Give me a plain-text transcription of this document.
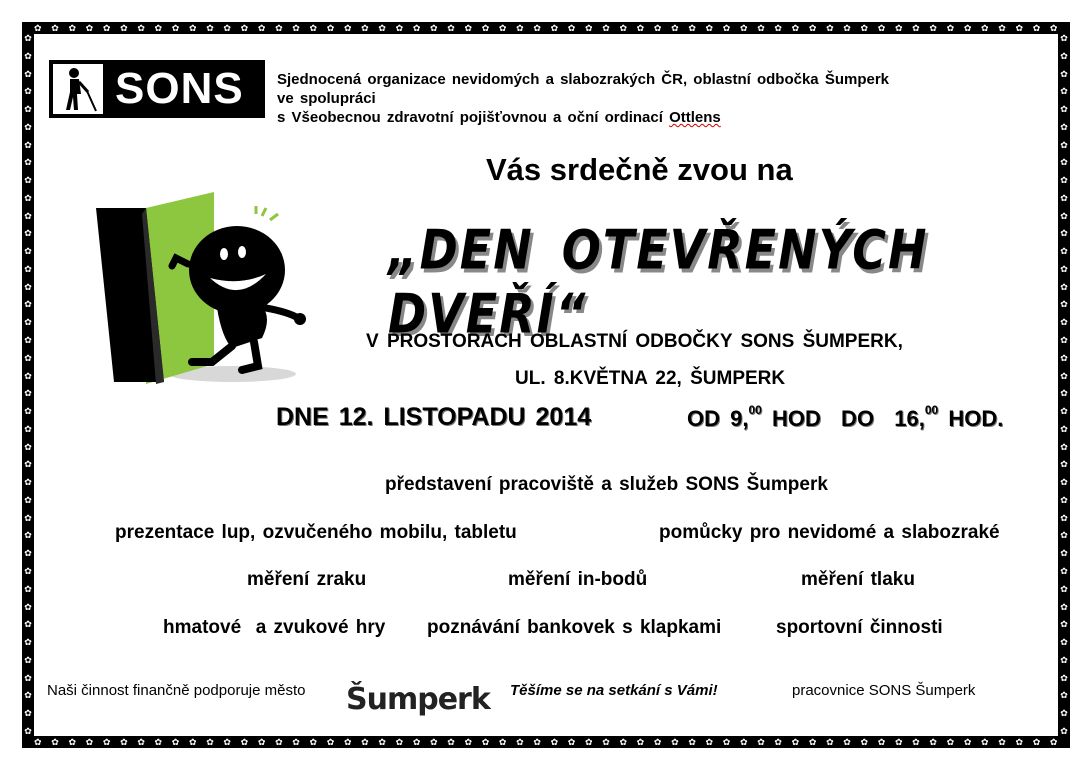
✿ ✿ ✿ ✿ ✿ ✿ ✿ ✿ ✿ ✿ ✿ ✿ ✿ ✿ ✿ ✿ ✿ ✿ ✿ ✿ ✿ ✿ ✿ ✿ ✿ ✿ ✿ ✿ ✿ ✿ ✿ ✿ ✿ ✿ ✿ ✿ ✿ ✿ ✿ ✿ ✿ ✿ ✿ ✿ ✿ ✿ ✿ ✿ ✿ ✿ ✿ ✿ ✿ ✿ ✿ ✿ ✿ ✿ ✿ ✿
✿ ✿ ✿ ✿ ✿ ✿ ✿ ✿ ✿ ✿ ✿ ✿ ✿ ✿ ✿ ✿ ✿ ✿ ✿ ✿ ✿ ✿ ✿ ✿ ✿ ✿ ✿ ✿ ✿ ✿ ✿ ✿ ✿ ✿ ✿ ✿ ✿ ✿ ✿ ✿ ✿ ✿ ✿ ✿ ✿ ✿ ✿ ✿ ✿ ✿ ✿ ✿ ✿ ✿ ✿ ✿ ✿ ✿ ✿ ✿
✿
✿
✿
✿
✿
✿
✿
✿
✿
✿
✿
✿
✿
✿
✿
✿
✿
✿
✿
✿
✿
✿
✿
✿
✿
✿
✿
✿
✿
✿
✿
✿
✿
✿
✿
✿
✿
✿
✿
✿
✿
✿
✿
✿
✿
✿
✿
✿
✿
✿
✿
✿
✿
✿
✿
✿
✿
✿
✿
✿
✿
✿
✿
✿
✿
✿
✿
✿
✿
✿
✿
✿
✿
✿
✿
✿
✿
✿
✿
✿
SONS Sjednocená organizace nevidomých a slabozrakých ČR, oblastní odbočka Šumperk
ve spolupráci
s Všeobecnou zdravotní pojišťovnou a oční ordinací Ottlens
Vás srdečně zvou na
„DEN OTEVŘENÝCH DVEŘÍ“
V PROSTORÁCH OBLASTNÍ ODBOČKY SONS ŠUMPERK,
UL. 8.KVĚTNA 22, ŠUMPERK
DNE 12. LISTOPADU 2014	OD 9,00 HOD  DO  16,00 HOD.
představení pracoviště a služeb SONS Šumperk
prezentace lup, ozvučeného mobilu, tabletu	pomůcky pro nevidomé a slabozraké
měření zraku	měření in-bodů	měření tlaku
hmatové  a zvukové hry poznávání bankovek s klapkami	sportovní činnosti
Naši činnost finančně podporuje město Šumperk Těšíme se na setkání s Vámi!	pracovnice SONS Šumperk
